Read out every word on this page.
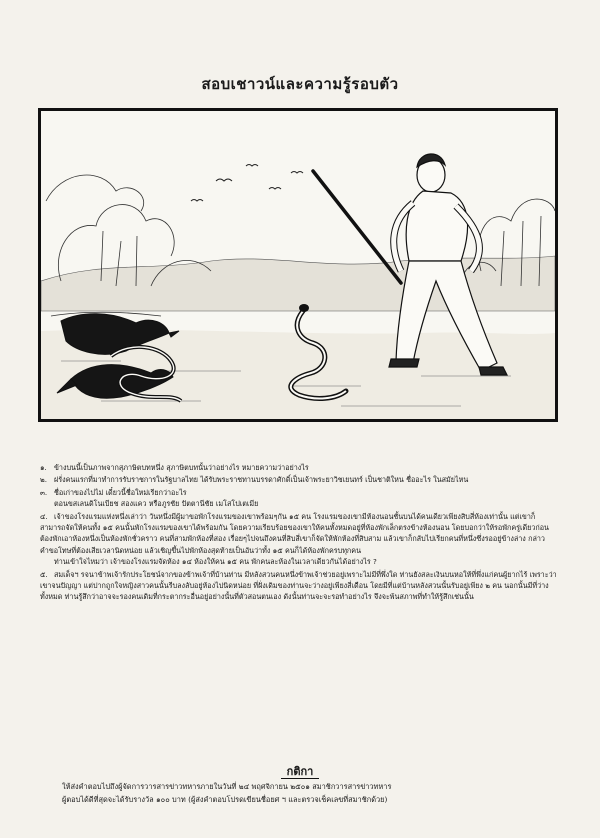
สอบเชาวน์และความรู้รอบตัว
๑. ข้างบนนี้เป็นภาพจากสุภาษิตบทหนึ่ง สุภาษิตบทนั้นว่าอย่างไร หมายความว่าอย่างไร
๒. ฝรั่งคนแรกที่มาทำการรับราชการในรัฐบาลไทย ได้รับพระราชทานบรรดาศักดิ์เป็นเจ้าพระยาวิชเยนทร์ เป็นชาติใหน ชื่ออะไร ในสมัยไหน
๓. ชื่อเก่าของไปไม่ เดี๋ยวนี้ชื่อใหม่เรียกว่าอะไร
ตอนขสเลนดิโนเบียช สองแคว หรือภูรชัย ปัตตานีชัย เมโสโปเตเมีย
๔. เจ้าของโรงแรมแห่งหนึ่งเล่าว่า วันหนึ่งมีผู้มาขอพักโรงแรมของเขาพร้อมๆกัน ๑๕ คน โรงแรมของเขามีห้องนอนชั้นบนได้คนเดียวเพียงสิบสี่ห้องเท่านั้น แต่เขาก็สามารถจัดให้คนทั้ง ๑๕ คนนั้นพักโรงแรมของเขาได้พร้อมกัน โดยความเรียบร้อยของเขาให้คนทั้งหมดอยู่ที่ห้องพักเล็กตรงข้างห้องนอน โดยบอกว่าให้รอพักครู่เดียวก่อน ต้องพักเอาห้องหนึ่งเป็นห้องพักชั่วคราว คนที่สามพักห้องที่สอง เรื่อยๆไปจนถึงคนที่สิบสี่เขาก็จัดให้พักห้องที่สิบสาม แล้วเขาก็กลับไปเรียกคนที่หนึ่งซึ่งรออยู่ข้างล่าง กล่าวคำขอโทษที่ต้องเสียเวลานิดหน่อย แล้วเชิญขึ้นไปพักห้องสุดท้ายเป็นอันว่าทั้ง ๑๕ คนก็ได้ห้องพักครบทุกคน
ท่านเข้าใจไหมว่า เจ้าของโรงแรมจัดห้อง ๑๔ ห้องให้คน ๑๕ คน พักคนละห้องในเวลาเดียวกันได้อย่างไร ?
๕. สมเด็จฯ รจนาข้าพเจ้ารักประโยชน์จากของข้าพเจ้าที่บ้านท่าน มีหลังสวนคนหนึ่งข้าพเจ้าช่วยอยู่เพราะไม่มีที่พึ่งใด ท่านยังสละเงินบนหอให้ที่พึ่งแก่คนผู้ยากไร้ เพราะว่าเขาจนปัญญา แต่ปากถูกใจหญิงสาวคนนั้นรีบลงลับอยู่ห้องไปนิดหน่อย ที่ฝั่งเดิมของท่านจะว่างอยู่เพียงสี่เดือน โดยมีที่แต่บ้านหลังสวนนั้นรับอยู่เพียง ๒ คน นอกนั้นมีที่ว่างทั้งหมด ท่านรู้สึกว่าอาจจะรองคนเดิมที่กระตากระอื่นอยู่อย่างนั้นที่ตัวสอนตนเอง ดังนั้นท่านจะจะรอทำอย่างไร จึงจะพ้นสภาพที่ทำให้รู้สึกเช่นนั้น
กติกา

ให้ส่งคำตอบไปถึงผู้จัดการวารสารข่าวทหารภายในวันที่ ๒๔ พฤศจิกายน ๒๕๐๑ สมาชิกวารสารข่าวทหาร

ผู้ตอบได้ดีที่สุดจะได้รับรางวัล ๑๐๐ บาท (ผู้ส่งคำตอบโปรดเขียนชื่อยศ ฯ และตรวจเช็คเลขที่สมาชิกด้วย)
